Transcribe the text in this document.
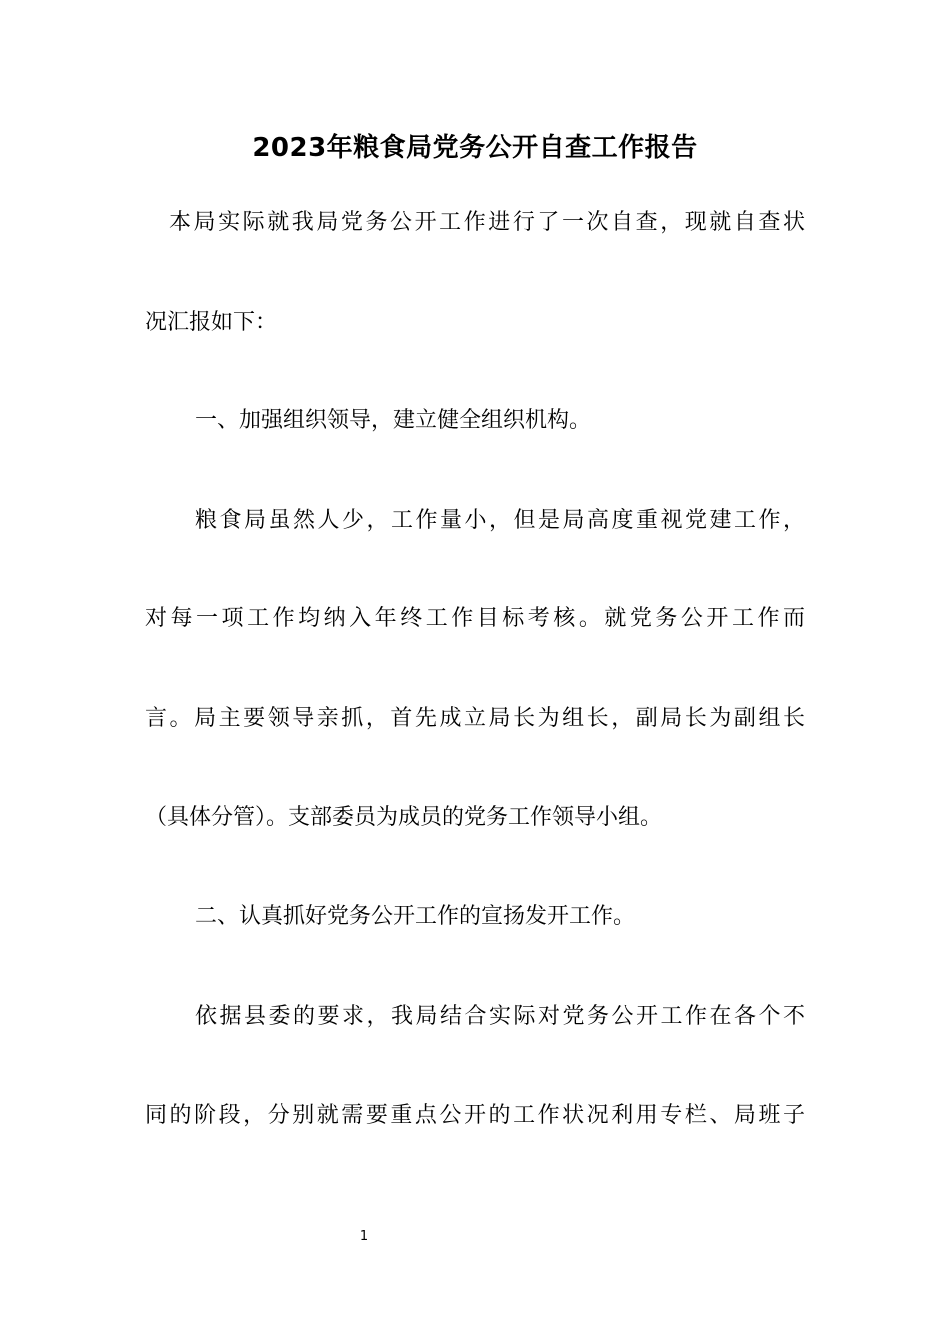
2023年粮食局党务公开自查工作报告
本局实际就我局党务公开工作进行了一次自查，现就自查状
况汇报如下：
一、加强组织领导，建立健全组织机构。
粮食局虽然人少，工作量小，但是局高度重视党建工作，
对每一项工作均纳入年终工作目标考核。就党务公开工作而
言。局主要领导亲抓，首先成立局长为组长，副局长为副组长
（具体分管）。支部委员为成员的党务工作领导小组。
二、认真抓好党务公开工作的宣扬发开工作。
依据县委的要求，我局结合实际对党务公开工作在各个不
同的阶段，分别就需要重点公开的工作状况利用专栏、局班子
1
